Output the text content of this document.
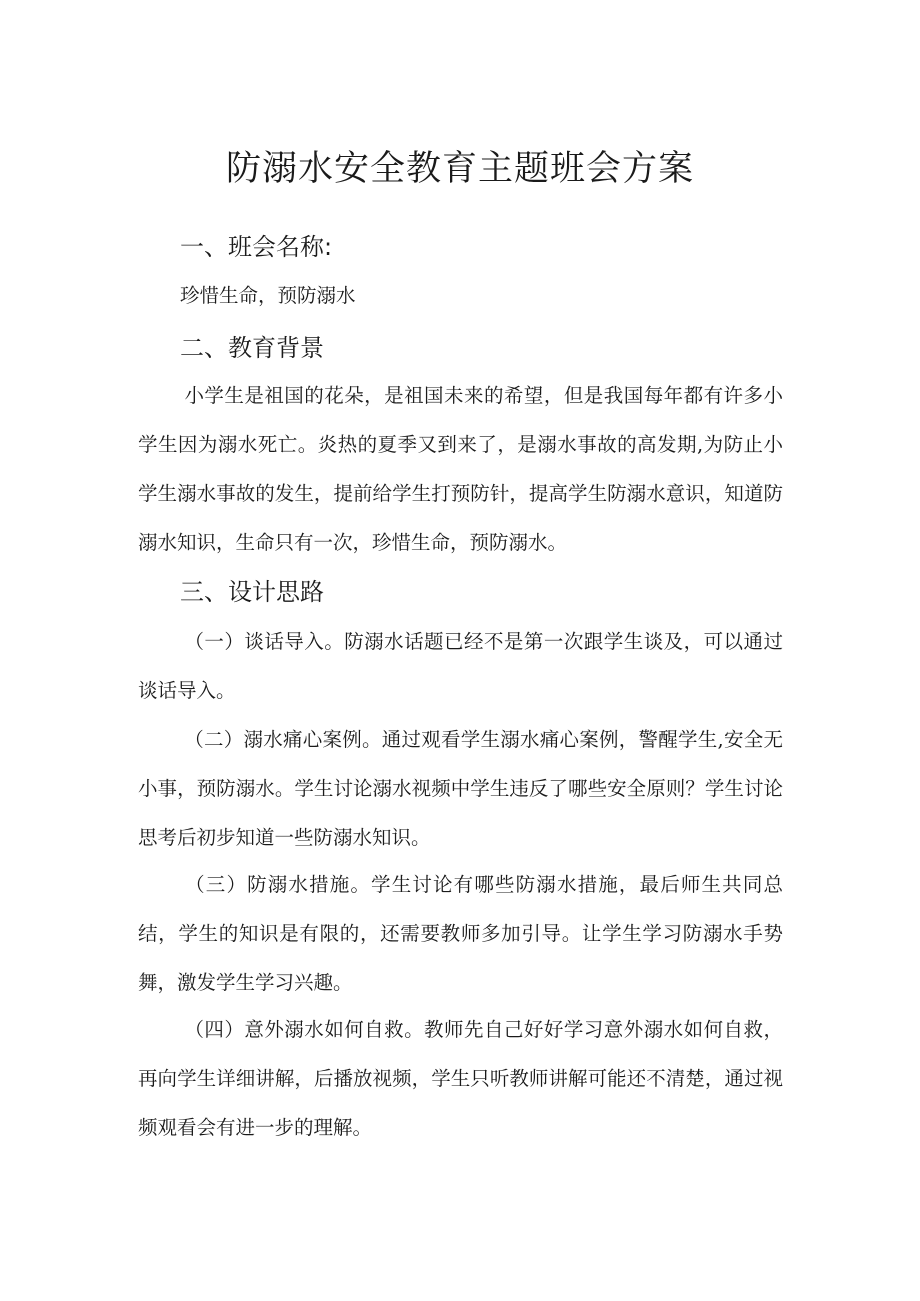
防溺水安全教育主题班会方案
一、班会名称:

珍惜生命，预防溺水

二、教育背景

小学生是祖国的花朵，是祖国未来的希望，但是我国每年都有许多小学生因为溺水死亡。炎热的夏季又到来了，是溺水事故的高发期,为防止小学生溺水事故的发生，提前给学生打预防针，提高学生防溺水意识，知道防溺水知识，生命只有一次，珍惜生命，预防溺水。

三、设计思路

（一）谈话导入。防溺水话题已经不是第一次跟学生谈及，可以通过谈话导入。

（二）溺水痛心案例。通过观看学生溺水痛心案例，警醒学生,安全无小事，预防溺水。学生讨论溺水视频中学生违反了哪些安全原则？学生讨论思考后初步知道一些防溺水知识。

（三）防溺水措施。学生讨论有哪些防溺水措施，最后师生共同总结，学生的知识是有限的，还需要教师多加引导。让学生学习防溺水手势舞，激发学生学习兴趣。

（四）意外溺水如何自救。教师先自己好好学习意外溺水如何自救，再向学生详细讲解，后播放视频，学生只听教师讲解可能还不清楚，通过视频观看会有进一步的理解。
